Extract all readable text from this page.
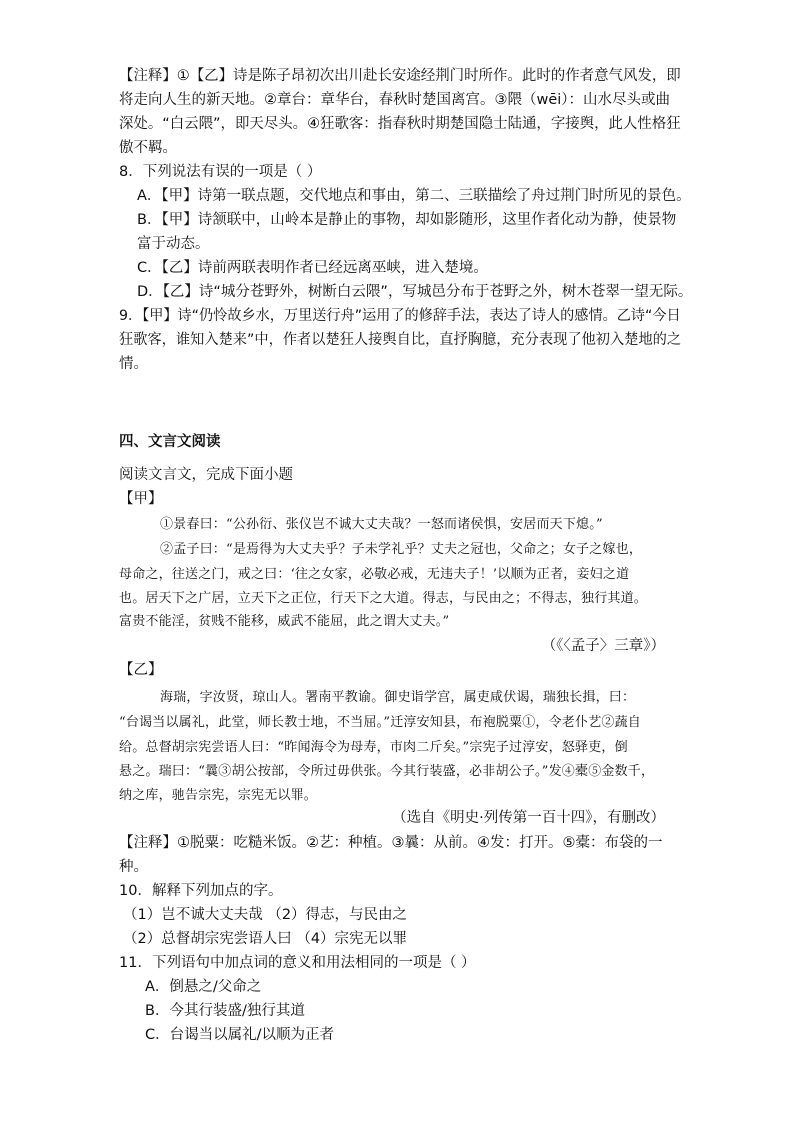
【注释】①【乙】诗是陈子昂初次出川赴长安途经荆门时所作。此时的作者意气风发，即
将走向人生的新天地。②章台：章华台，春秋时楚国离宫。③隈（wēi）：山水尽头或曲
深处。“白云隈”，即天尽头。④狂歌客：指春秋时期楚国隐士陆通，字接舆，此人性格狂
傲不羁。
8．下列说法有误的一项是（ ）
A．【甲】诗第一联点题，交代地点和事由，第二、三联描绘了舟过荆门时所见的景色。
B．【甲】诗颔联中，山岭本是静止的事物，却如影随形，这里作者化动为静，使景物
富于动态。
C．【乙】诗前两联表明作者已经远离巫峡，进入楚境。
D．【乙】诗“城分苍野外，树断白云隈”，写城邑分布于苍野之外，树木苍翠一望无际。
9．【甲】诗“仍怜故乡水，万里送行舟”运用了的修辞手法，表达了诗人的感情。乙诗“今日
狂歌客，谁知入楚来”中，作者以楚狂人接舆自比，直抒胸臆，充分表现了他初入楚地的之
情。
四、文言文阅读
阅读文言文，完成下面小题
【甲】
①景春曰：“公孙衍、张仪岂不诚大丈夫哉？一怒而诸侯惧，安居而天下熄。”
②孟子曰：“是焉得为大丈夫乎？子未学礼乎？丈夫之冠也，父命之；女子之嫁也，
母命之，往送之门，戒之曰：‘往之女家，必敬必戒，无违夫子！’以顺为正者，妾妇之道
也。居天下之广居，立天下之正位，行天下之大道。得志，与民由之；不得志，独行其道。
富贵不能淫，贫贱不能移，威武不能屈，此之谓大丈夫。”
（《〈孟子〉三章》）
【乙】
海瑞，字汝贤，琼山人。署南平教谕。御史诣学宫，属吏咸伏谒，瑞独长揖，曰：
“台谒当以属礼，此堂，师长教士地，不当屈。”迁淳安知县，布袍脱粟①，令老仆艺②蔬自
给。总督胡宗宪尝语人曰：“昨闻海令为母寿，市肉二斤矣。”宗宪子过淳安，怒驿吏，倒
悬之。瑞曰：“曩③胡公按部，令所过毋供张。今其行装盛，必非胡公子。”发④橐⑤金数千，
纳之库，驰告宗宪，宗宪无以罪。
（选自《明史·列传第一百十四》，有删改）
【注释】①脱粟：吃糙米饭。②艺：种植。③曩：从前。④发：打开。⑤橐：布袋的一
种。
10．解释下列加点的字。
（1）岂不诚大丈夫哉 （2）得志，与民由之
（2）总督胡宗宪尝语人曰 （4）宗宪无以罪
11．下列语句中加点词的意义和用法相同的一项是（ ）
A．倒悬之/父命之
B．今其行装盛/独行其道
C．台谒当以属礼/以顺为正者
